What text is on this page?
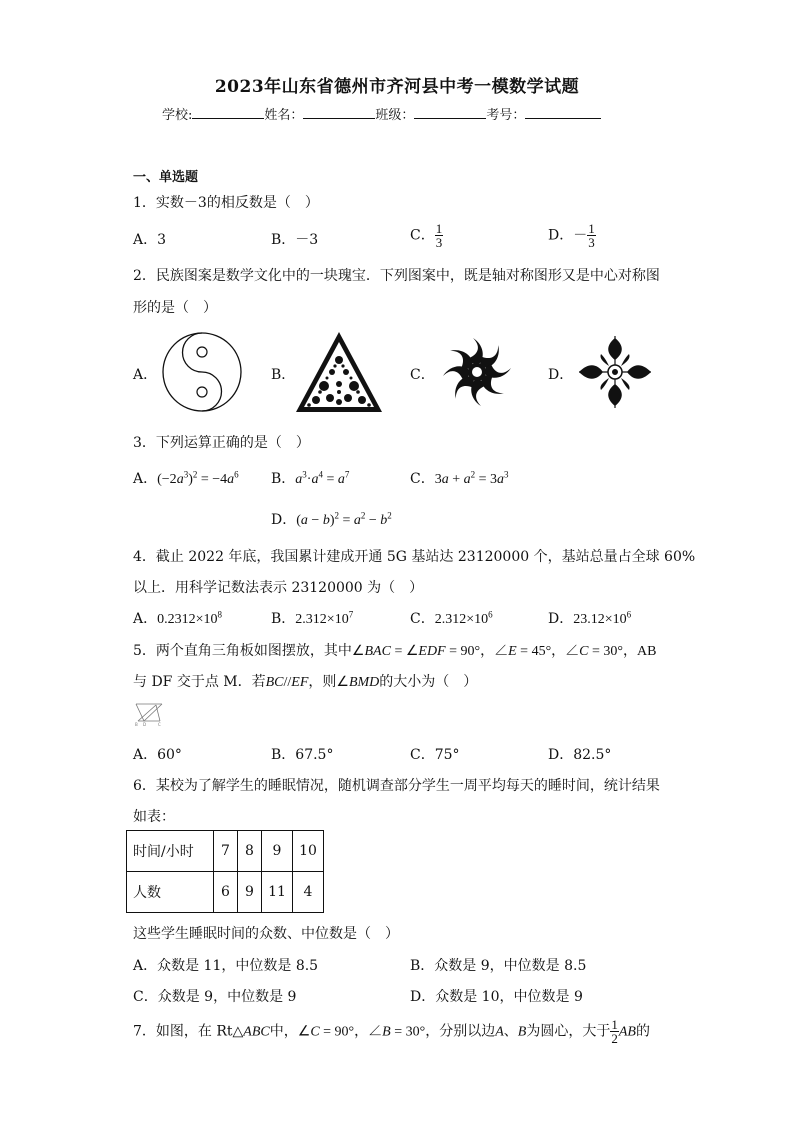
2023年山东省德州市齐河县中考一模数学试题
学校:	姓名：	班级：	考号：
一、单选题
1．实数－3的相反数是（　）
A．3	B．－3	C． $\frac{1}{3}$	D．－ $\frac{1}{3}$
2．民族图案是数学文化中的一块瑰宝．下列图案中，既是轴对称图形又是中心对称图
形的是（　）
A．	B．	C．	D．
3．下列运算正确的是（　）
A．$(-2a^3)^2 = -4a^6$ B．$a^3\cdot a^4 = a^7$	C．$3a + a^2 = 3a^3$
D．$(a - b)^2 = a^2 - b^2$
4．截止 2022 年底，我国累计建成开通 5G 基站达 23120000 个，基站总量占全球 60%
以上．用科学记数法表示 23120000 为（　）
A．$0.2312\times 10^8$	B．$2.312\times 10^7$	C．$2.312\times 10^6$	D．$23.12\times 10^6$
5．两个直角三角板如图摆放，其中∠BAC = ∠EDF = 90°，∠E = 45°，∠C = 30°，AB
与 DF 交于点 M．若BC//EF，则∠BMD的大小为（　）
B D	C
A．60°	B．67.5°	C．75°	D．82.5°
6．某校为了解学生的睡眠情况，随机调查部分学生一周平均每天的睡时间，统计结果
如表：
时间/小时	7	8	9	10
人数	6	9	11	4
这些学生睡眠时间的众数、中位数是（　）
A．众数是 11，中位数是 8.5	B．众数是 9，中位数是 8.5
C．众数是 9，中位数是 9	D．众数是 10，中位数是 9
7．如图，在 Rt△ABC中，∠C = 90°，∠B = 30°，分别以边A、B为圆心，大于 $\frac{1}{2}$ AB的
